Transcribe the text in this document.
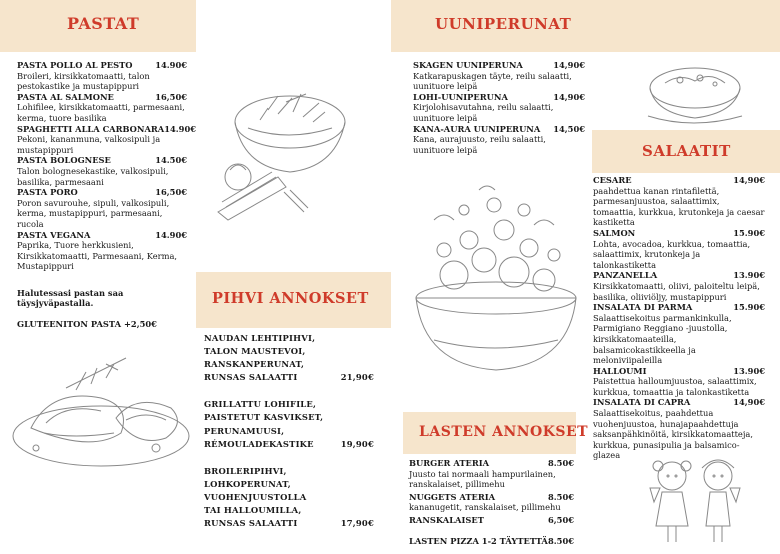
PASTAT
PASTA POLLO AL PESTO	14.90€
Broileri, kirsikkatomaatti, talon pestokastike ja mustapippuri
PASTA AL SALMONE	16,50€
Lohifilee, kirsikkatomaatti, parmesaani, kerma, tuore basilika
SPAGHETTI ALLA CARBONARA 14.90€
Pekoni, kananmuna, valkosipuli ja mustapippuri
PASTA BOLOGNESE	14.50€
Talon bolognesekastike, valkosipuli, basilika, parmesaani
PASTA PORO	16,50€
Poron savurouhe, sipuli, valkosipuli, kerma, mustapippuri, parmesaani, rucola
PASTA VEGANA	14.90€
Paprika, Tuore herkkusieni, Kirsikkatomaatti, Parmesaani, Kerma, Mustapippuri
Halutessasi pastan saa täysjyväpastalla.
GLUTEENITON PASTA +2,50€
PIHVI ANNOKSET
NAUDAN LEHTIPIHVI,
TALON MAUSTEVOI,
RANSKANPERUNAT,
RUNSAS SALAATTI	21,90€
GRILLATTU LOHIFILE,
PAISTETUT KASVIKSET,
PERUNAMUUSI,
RÉMOULADEKASTIKE	19,90€
BROILERIPIHVI,
LOHKOPERUNAT,
VUOHENJUUSTOLLA
TAI HALLOUMILLA,
RUNSAS SALAATTI	17,90€
UUNIPERUNAT
SKAGEN UUNIPERUNA	14,90€
Katkarapuskagen täyte, reilu salaatti, uunituore leipä
LOHI-UUNIPERUNA	14,90€
Kirjolohisavutahna, reilu salaatti, uunituore leipä
KANA-AURA UUNIPERUNA 14,50€
Kana, aurajuusto, reilu salaatti, uunituore leipä	SALAATIT
CESARE	14,90€
paahdettua kanan rintafilettä, parmesanjuustoa, salaattimix, tomaattia, kurkkua, krutonkeja ja caesar kastiketta
SALMON	15.90€
Lohta, avocadoa, kurkkua, tomaattia, salaattimix, krutonkeja ja talonkastiketta
PANZANELLA	13.90€
Kirsikkatomaatti, oliivi, paloiteltu leipä, basilika, oliiviöljy, mustapippuri
INSALATA DI PARMA	15.90€
Salaattisekoitus parmankinkulla, Parmigiano Reggiano -juustolla, kirsikkatomaateilla, balsamicokastikkeella ja meloniviipaleilla
HALLOUMI	13.90€
Paistettua halloumjuustoa, salaattimix, kurkkua, tomaattia ja talonkastiketta
INSALATA DI CAPRA	14,90€
Salaattisekoitus, paahdettua vuohenjuustoa, hunajapaahdettuja saksanpähkinöitä, kirsikkatomaatteja, kurkkua, punasipulia ja balsamico-glazea
LASTEN ANNOKSET
BURGER ATERIA	8.50€
Juusto tai normaali hampurilainen, ranskalaiset, pillimehu
NUGGETS ATERIA	8.50€
kananugetit, ranskalaiset, pillimehu
RANSKALAISET	6,50€
LASTEN PIZZA 1-2 TÄYTETTÄ 8.50€
